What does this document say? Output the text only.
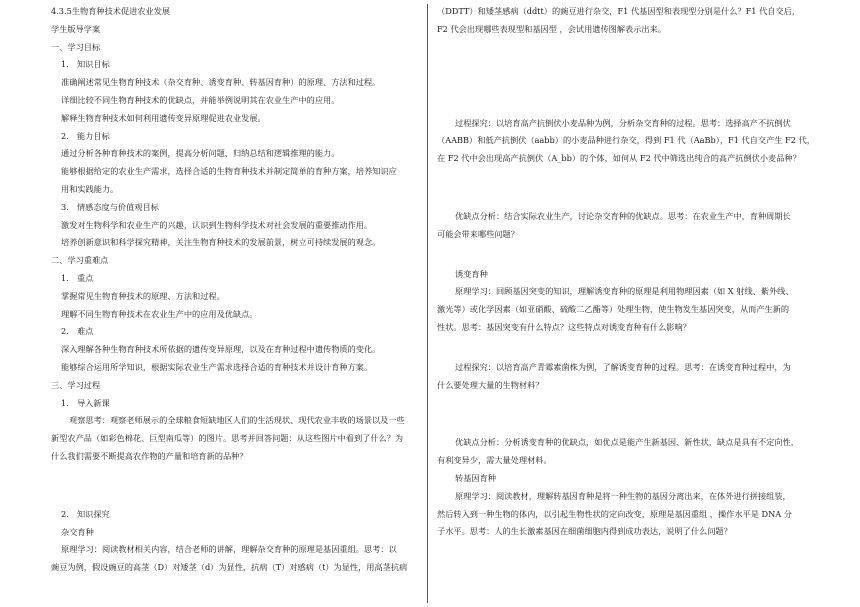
4.3.5生物育种技术促进农业发展

学生版导学案

一、学习目标

1.　知识目标

准确阐述常见生物育种技术（杂交育种、诱变育种、转基因育种）的原理、方法和过程。

详细比较不同生物育种技术的优缺点，并能举例说明其在农业生产中的应用。

解释生物育种技术如何利用遗传变异原理促进农业发展。

2.　能力目标

通过分析各种育种技术的案例，提高分析问题、归纳总结和逻辑推理的能力。

能够根据给定的农业生产需求，选择合适的生物育种技术并制定简单的育种方案，培养知识应

用和实践能力。

3.　情感态度与价值观目标

激发对生物科学和农业生产的兴趣，认识到生物科学技术对社会发展的重要推动作用。

培养创新意识和科学探究精神，关注生物育种技术的发展前景，树立可持续发展的观念。

二、学习重难点

1.　重点

掌握常见生物育种技术的原理、方法和过程。

理解不同生物育种技术在农业生产中的应用及优缺点。

2.　难点

深入理解各种生物育种技术所依据的遗传变异原理，以及在育种过程中遗传物质的变化。

能够综合运用所学知识，根据实际农业生产需求选择合适的育种技术并设计育种方案。

三、学习过程

1.　导入新课

观察思考：观察老师展示的全球粮食短缺地区人们的生活现状、现代农业丰收的场景以及一些

新型农产品（如彩色棉花、巨型南瓜等）的图片。思考并回答问题：从这些图片中看到了什么？为

什么我们需要不断提高农作物的产量和培育新的品种？

2.　知识探究

杂交育种

原理学习：阅读教材相关内容，结合老师的讲解，理解杂交育种的原理是基因重组。思考：以

豌豆为例，假设豌豆的高茎（D）对矮茎（d）为显性，抗病（T）对感病（t）为显性，用高茎抗病

（DDTT）和矮茎感病（ddtt）的豌豆进行杂交，F1 代基因型和表现型分别是什么？F1 代自交后，

F2 代会出现哪些表现型和基因型 ，会试用遗传图解表示出来。

过程探究：以培育高产抗倒伏小麦品种为例，分析杂交育种的过程。思考：选择高产不抗倒伏

（AABB）和低产抗倒伏（aabb）的小麦品种进行杂交，得到 F1 代（AaBb），F1 代自交产生 F2 代，

在 F2 代中会出现高产抗倒伏（A_bb）的个体，如何从 F2 代中筛选出纯合的高产抗倒伏小麦品种？

优缺点分析：结合实际农业生产，讨论杂交育种的优缺点。思考：在农业生产中，育种周期长

可能会带来哪些问题？

诱变育种

原理学习：回顾基因突变的知识，理解诱变育种的原理是利用物理因素（如 X 射线、紫外线、

激光等）或化学因素（如亚硝酸、硫酸二乙酯等）处理生物，使生物发生基因突变，从而产生新的

性状。思考：基因突变有什么特点？这些特点对诱变育种有什么影响？

过程探究：以培育高产青霉素菌株为例，了解诱变育种的过程。思考：在诱变育种过程中，为

什么要处理大量的生物材料？

优缺点分析：分析诱变育种的优缺点，如优点是能产生新基因、新性状，缺点是具有不定向性，

有利变异少，需大量处理材料。

转基因育种

原理学习：阅读教材，理解转基因育种是将一种生物的基因分离出来，在体外进行拼接组装，

然后转入到一种生物的体内，以引起生物性状的定向改变，原理是基因重组 ，操作水平是 DNA 分

子水平。思考：人的生长激素基因在细菌细胞内得到成功表达，说明了什么问题？
